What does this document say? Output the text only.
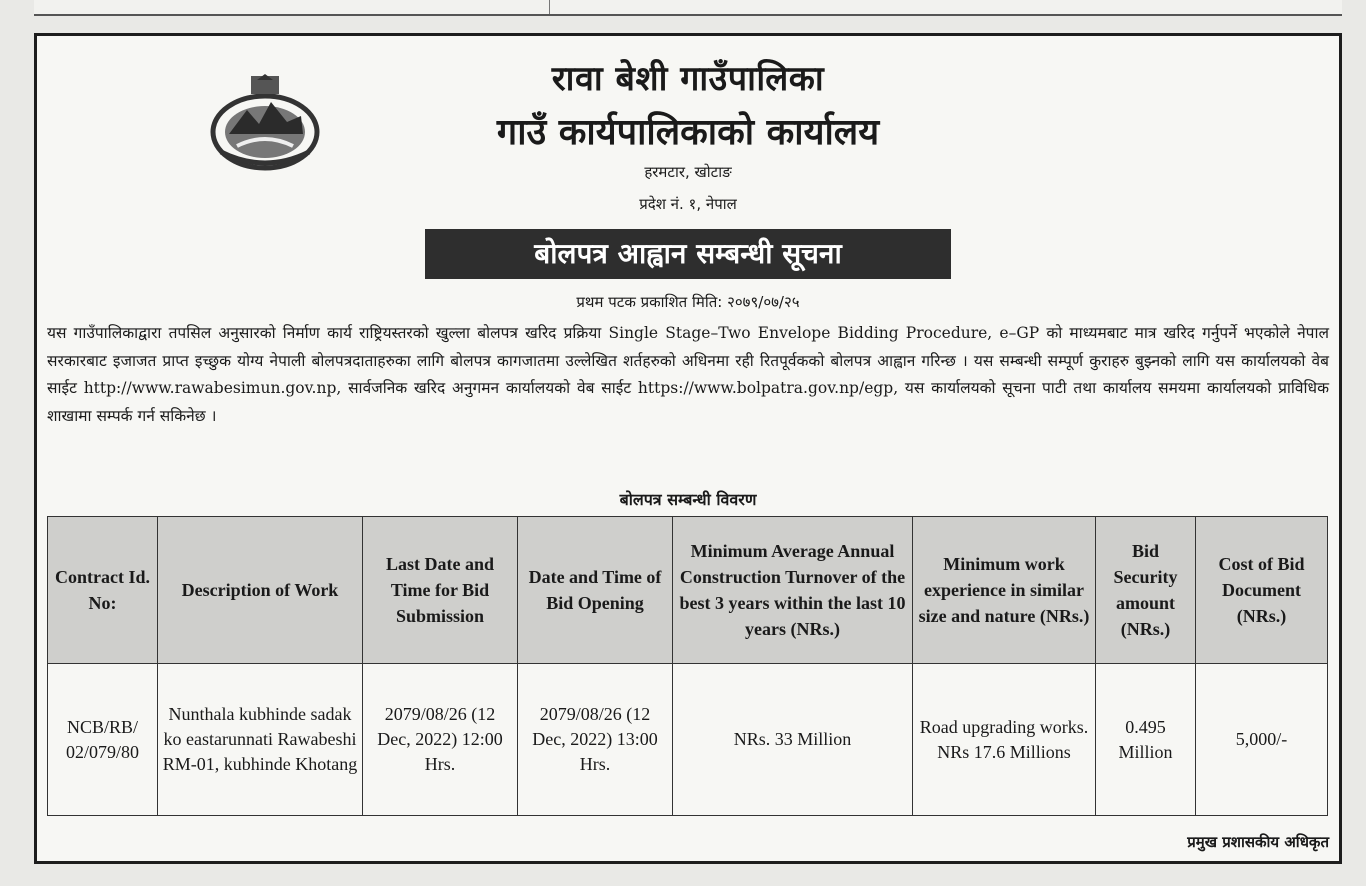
रावा बेशी गाउँपालिका
गाउँ कार्यपालिकाको कार्यालय
हरमटार, खोटाङ
प्रदेश नं. १, नेपाल
बोलपत्र आह्वान सम्बन्धी सूचना
प्रथम पटक प्रकाशित मिति: २०७९/०७/२५
यस गाउँपालिकाद्वारा तपसिल अनुसारको निर्माण कार्य राष्ट्रियस्तरको खुल्ला बोलपत्र खरिद प्रक्रिया Single Stage–Two Envelope Bidding Procedure, e–GP को माध्यमबाट मात्र खरिद गर्नुपर्ने भएकोले नेपाल सरकारबाट इजाजत प्राप्त इच्छुक योग्य नेपाली बोलपत्रदाताहरुका लागि बोलपत्र कागजातमा उल्लेखित शर्तहरुको अधिनमा रही रितपूर्वकको बोलपत्र आह्वान गरिन्छ । यस सम्बन्धी सम्पूर्ण कुराहरु बुझ्नको लागि यस कार्यालयको वेब साईट http://www.rawabesimun.gov.np, सार्वजनिक खरिद अनुगमन कार्यालयको वेब साईट https://www.bolpatra.gov.np/egp, यस कार्यालयको सूचना पाटी तथा कार्यालय समयमा कार्यालयको प्राविधिक शाखामा सम्पर्क गर्न सकिनेछ ।
बोलपत्र सम्बन्धी विवरण
Contract Id. No:	Description of Work	Last Date and Time for Bid Submission	Date and Time of Bid Opening	Minimum Average Annual Construction Turnover of the best 3 years within the last 10 years (NRs.)	Minimum work experience in similar size and nature (NRs.)	Bid Security amount (NRs.)	Cost of Bid Document (NRs.)
NCB/RB/ 02/079/80	Nunthala kubhinde sadak ko eastarunnati Rawabeshi RM-01, kubhinde Khotang	2079/08/26 (12 Dec, 2022) 12:00 Hrs.	2079/08/26 (12 Dec, 2022) 13:00 Hrs.	NRs. 33 Million	Road upgrading works. NRs 17.6 Millions	0.495 Million	5,000/-
प्रमुख प्रशासकीय अधिकृत
